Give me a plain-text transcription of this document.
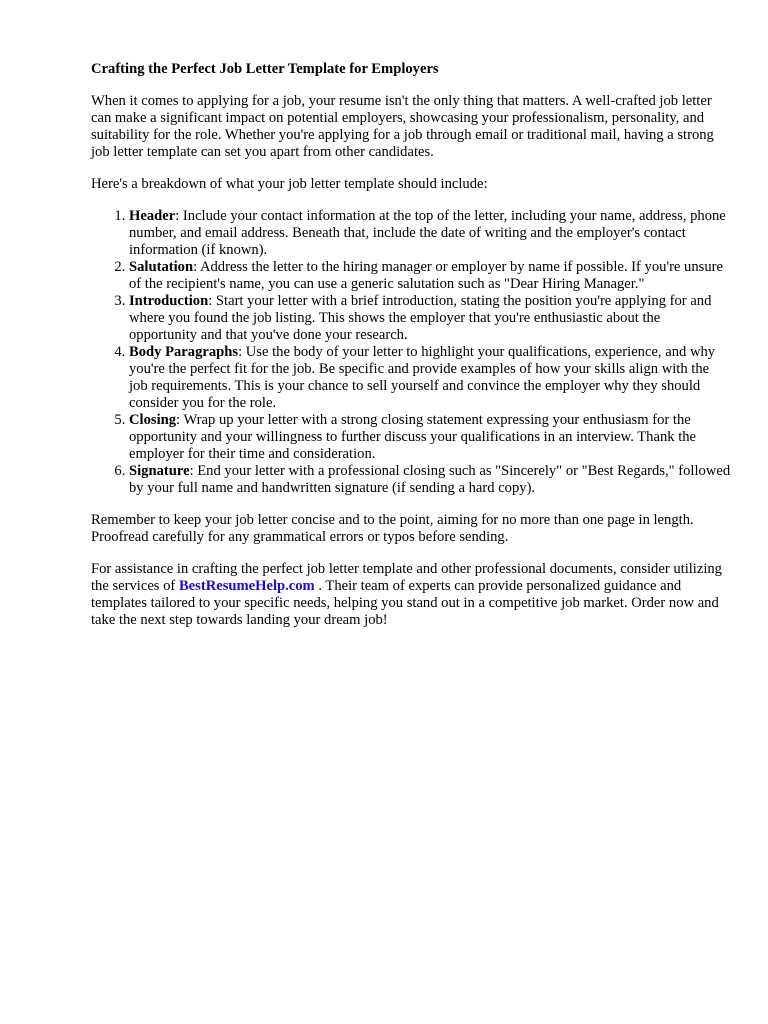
Crafting the Perfect Job Letter Template for Employers

When it comes to applying for a job, your resume isn't the only thing that matters. A well-crafted job letter can make a significant impact on potential employers, showcasing your professionalism, personality, and suitability for the role. Whether you're applying for a job through email or traditional mail, having a strong job letter template can set you apart from other candidates.

Here's a breakdown of what your job letter template should include:

1. Header: Include your contact information at the top of the letter, including your name, address, phone number, and email address. Beneath that, include the date of writing and the employer's contact information (if known).
2. Salutation: Address the letter to the hiring manager or employer by name if possible. If you're unsure of the recipient's name, you can use a generic salutation such as "Dear Hiring Manager."
3. Introduction: Start your letter with a brief introduction, stating the position you're applying for and where you found the job listing. This shows the employer that you're enthusiastic about the opportunity and that you've done your research.
4. Body Paragraphs: Use the body of your letter to highlight your qualifications, experience, and why you're the perfect fit for the job. Be specific and provide examples of how your skills align with the job requirements. This is your chance to sell yourself and convince the employer why they should consider you for the role.
5. Closing: Wrap up your letter with a strong closing statement expressing your enthusiasm for the opportunity and your willingness to further discuss your qualifications in an interview. Thank the employer for their time and consideration.
6. Signature: End your letter with a professional closing such as "Sincerely" or "Best Regards," followed by your full name and handwritten signature (if sending a hard copy).

Remember to keep your job letter concise and to the point, aiming for no more than one page in length. Proofread carefully for any grammatical errors or typos before sending.

For assistance in crafting the perfect job letter template and other professional documents, consider utilizing the services of BestResumeHelp.com . Their team of experts can provide personalized guidance and templates tailored to your specific needs, helping you stand out in a competitive job market. Order now and take the next step towards landing your dream job!
